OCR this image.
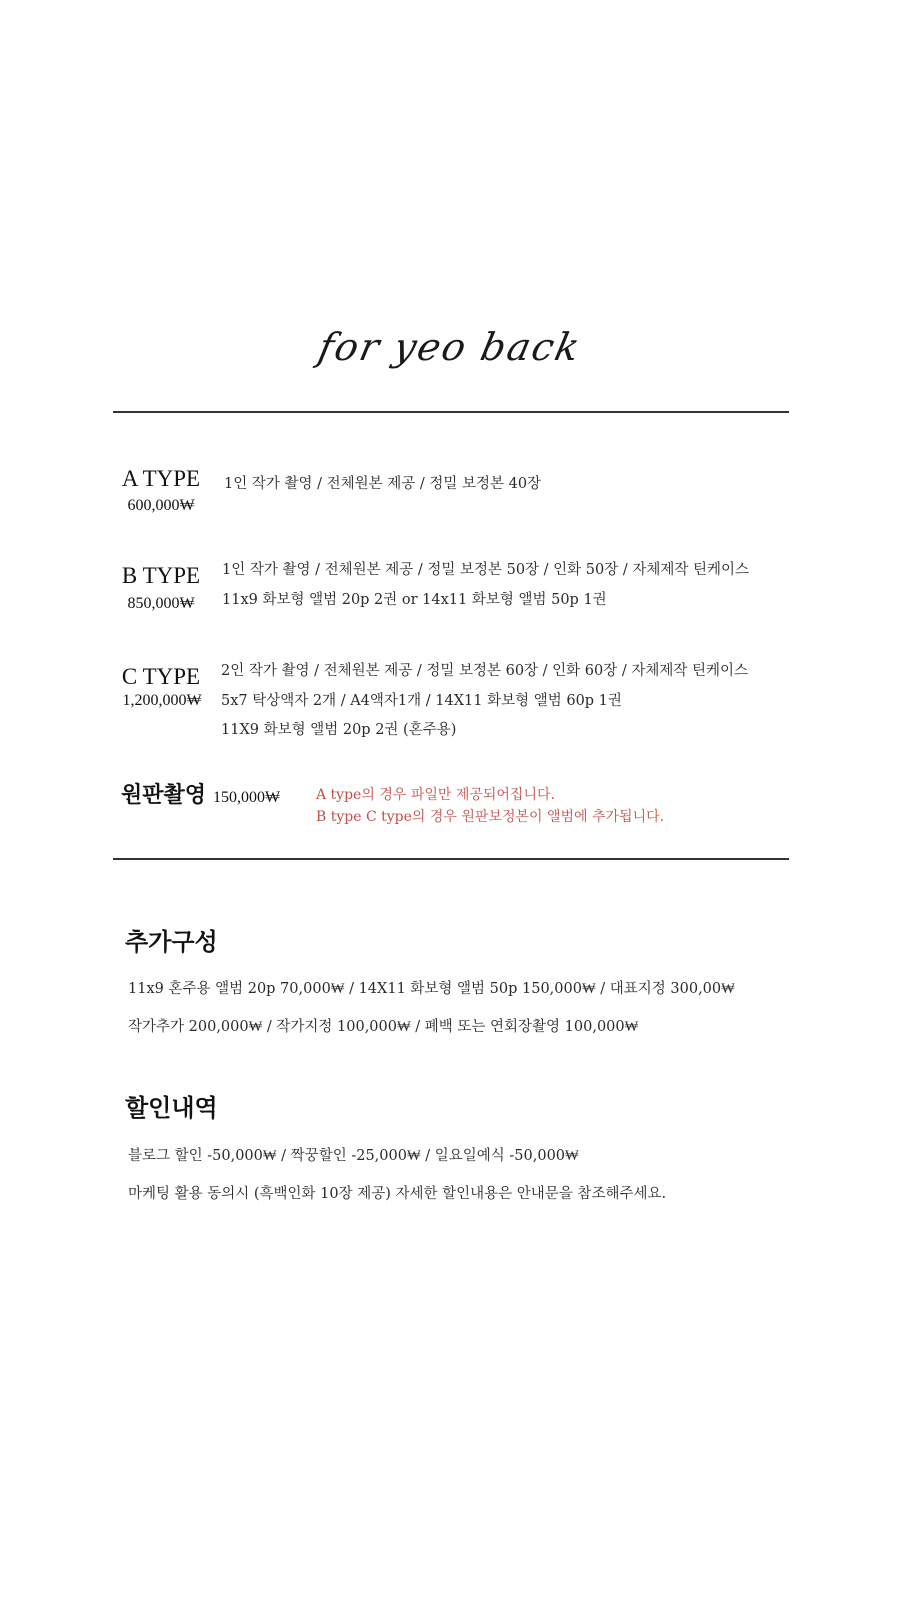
for yeo back
A TYPE
600,000₩
1인 작가 촬영 / 전체원본 제공 / 정밀 보정본 40장
B TYPE
850,000₩
1인 작가 촬영 / 전체원본 제공 / 정밀 보정본 50장 / 인화 50장 / 자체제작 틴케이스
11x9 화보형 앨범 20p 2권 or 14x11 화보형 앨범 50p 1권
C TYPE
1,200,000₩
2인 작가 촬영 / 전체원본 제공 / 정밀 보정본 60장 / 인화 60장 / 자체제작 틴케이스
5x7 탁상액자 2개 / A4액자1개 / 14X11 화보형 앨범 60p 1권
11X9 화보형 앨범 20p 2권 (혼주용)
원판촬영 150,000₩	A type의 경우 파일만 제공되어집니다.
B type C type의 경우 원판보정본이 앨범에 추가됩니다.
추가구성
11x9 혼주용 앨범 20p 70,000₩ / 14X11 화보형 앨범 50p 150,000₩ / 대표지정 300,00₩
작가추가 200,000₩ / 작가지정 100,000₩ / 폐백 또는 연회장촬영 100,000₩
할인내역
블로그 할인 -50,000₩ / 짝꿍할인 -25,000₩ / 일요일예식 -50,000₩
마케팅 활용 동의시 (흑백인화 10장 제공) 자세한 할인내용은 안내문을 참조해주세요.
